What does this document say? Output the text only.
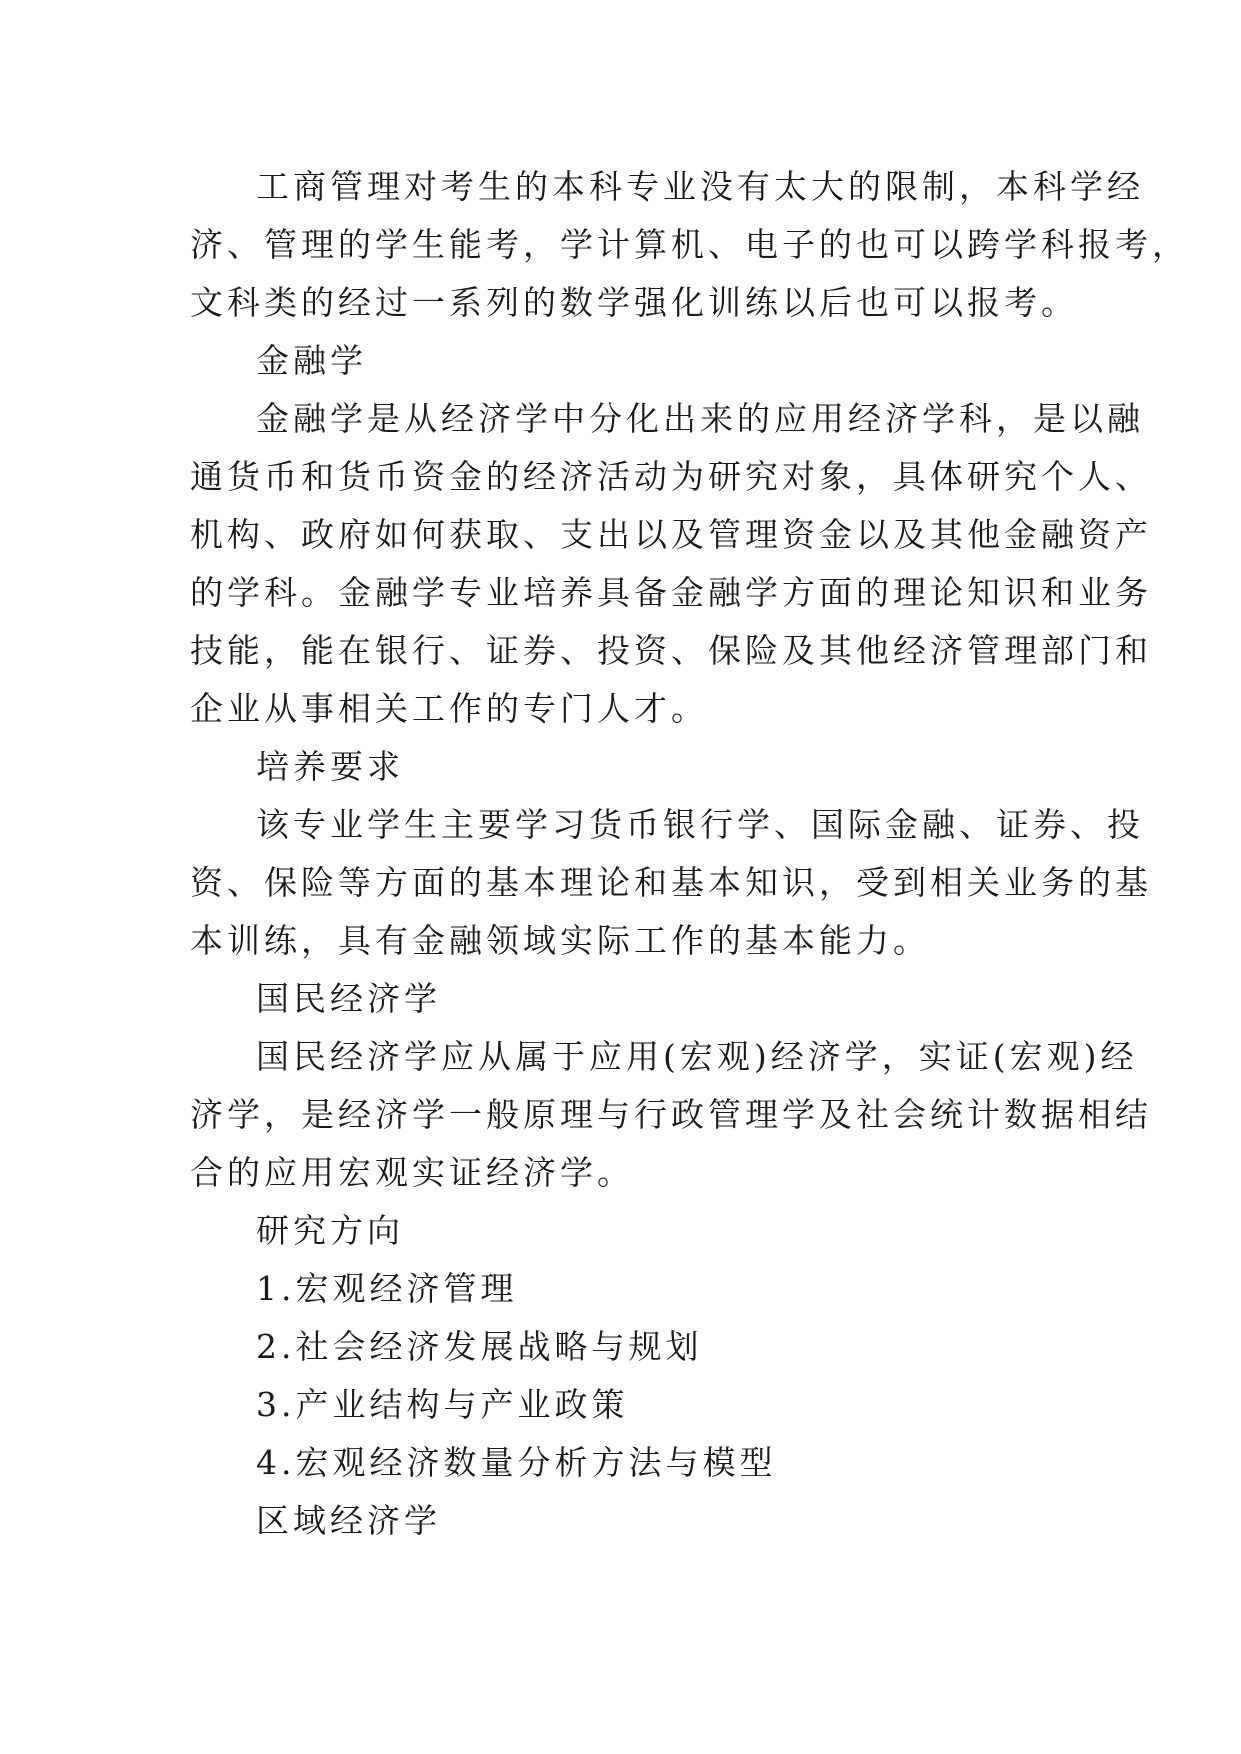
工商管理对考生的本科专业没有太大的限制，本科学经
济、管理的学生能考，学计算机、电子的也可以跨学科报考，
文科类的经过一系列的数学强化训练以后也可以报考。
金融学
金融学是从经济学中分化出来的应用经济学科，是以融
通货币和货币资金的经济活动为研究对象，具体研究个人、
机构、政府如何获取、支出以及管理资金以及其他金融资产
的学科。金融学专业培养具备金融学方面的理论知识和业务
技能，能在银行、证券、投资、保险及其他经济管理部门和
企业从事相关工作的专门人才。
培养要求
该专业学生主要学习货币银行学、国际金融、证券、投
资、保险等方面的基本理论和基本知识，受到相关业务的基
本训练，具有金融领域实际工作的基本能力。
国民经济学
国民经济学应从属于应用(宏观)经济学，实证(宏观)经
济学，是经济学一般原理与行政管理学及社会统计数据相结
合的应用宏观实证经济学。
研究方向
1.宏观经济管理
2.社会经济发展战略与规划
3.产业结构与产业政策
4.宏观经济数量分析方法与模型
区域经济学
